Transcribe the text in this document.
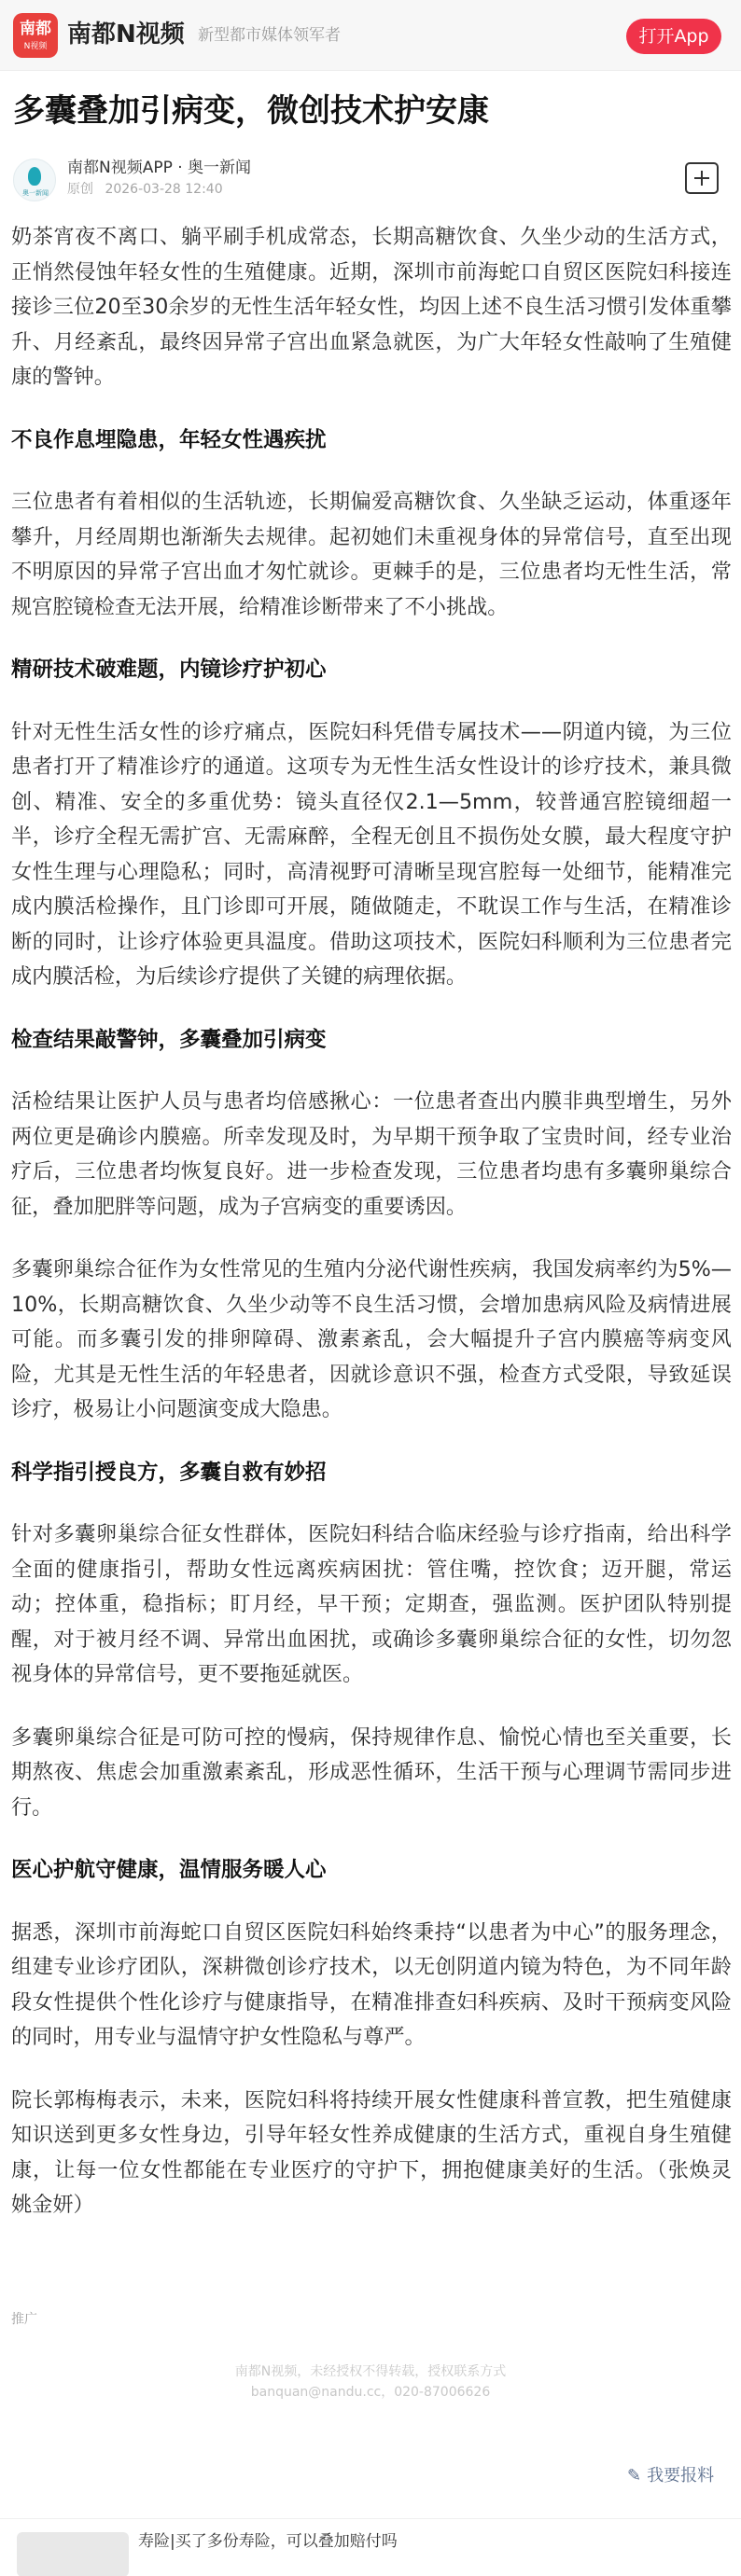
南都
N视频 南都N视频 新型都市媒体领军者	打开App
多囊叠加引病变，微创技术护安康
奥一新闻
南都N视频APP · 奥一新闻
原创 2026-03-28 12:40

奶茶宵夜不离口、躺平刷手机成常态，长期高糖饮食、久坐少动的生活方式，正悄然侵蚀年轻女性的生殖健康。近期，深圳市前海蛇口自贸区医院妇科接连接诊三位20至30余岁的无性生活年轻女性，均因上述不良生活习惯引发体重攀升、月经紊乱，最终因异常子宫出血紧急就医，为广大年轻女性敲响了生殖健康的警钟。

不良作息埋隐患，年轻女性遇疾扰

三位患者有着相似的生活轨迹，长期偏爱高糖饮食、久坐缺乏运动，体重逐年攀升，月经周期也渐渐失去规律。起初她们未重视身体的异常信号，直至出现不明原因的异常子宫出血才匆忙就诊。更棘手的是，三位患者均无性生活，常规宫腔镜检查无法开展，给精准诊断带来了不小挑战。

精研技术破难题，内镜诊疗护初心

针对无性生活女性的诊疗痛点，医院妇科凭借专属技术——阴道内镜，为三位患者打开了精准诊疗的通道。这项专为无性生活女性设计的诊疗技术，兼具微创、精准、安全的多重优势：镜头直径仅2.1—5mm，较普通宫腔镜细超一半，诊疗全程无需扩宫、无需麻醉，全程无创且不损伤处女膜，最大程度守护女性生理与心理隐私；同时，高清视野可清晰呈现宫腔每一处细节，能精准完成内膜活检操作，且门诊即可开展，随做随走，不耽误工作与生活，在精准诊断的同时，让诊疗体验更具温度。借助这项技术，医院妇科顺利为三位患者完成内膜活检，为后续诊疗提供了关键的病理依据。

检查结果敲警钟，多囊叠加引病变

活检结果让医护人员与患者均倍感揪心：一位患者查出内膜非典型增生，另外两位更是确诊内膜癌。所幸发现及时，为早期干预争取了宝贵时间，经专业治疗后，三位患者均恢复良好。进一步检查发现，三位患者均患有多囊卵巢综合征，叠加肥胖等问题，成为子宫病变的重要诱因。

多囊卵巢综合征作为女性常见的生殖内分泌代谢性疾病，我国发病率约为5%—10%，长期高糖饮食、久坐少动等不良生活习惯，会增加患病风险及病情进展可能。而多囊引发的排卵障碍、激素紊乱，会大幅提升子宫内膜癌等病变风险，尤其是无性生活的年轻患者，因就诊意识不强，检查方式受限，导致延误诊疗，极易让小问题演变成大隐患。

科学指引授良方，多囊自救有妙招

针对多囊卵巢综合征女性群体，医院妇科结合临床经验与诊疗指南，给出科学全面的健康指引，帮助女性远离疾病困扰：管住嘴，控饮食；迈开腿，常运动；控体重，稳指标；盯月经，早干预；定期查，强监测。医护团队特别提醒，对于被月经不调、异常出血困扰，或确诊多囊卵巢综合征的女性，切勿忽视身体的异常信号，更不要拖延就医。

多囊卵巢综合征是可防可控的慢病，保持规律作息、愉悦心情也至关重要，长期熬夜、焦虑会加重激素紊乱，形成恶性循环，生活干预与心理调节需同步进行。

医心护航守健康，温情服务暖人心

据悉，深圳市前海蛇口自贸区医院妇科始终秉持“以患者为中心”的服务理念，组建专业诊疗团队，深耕微创诊疗技术，以无创阴道内镜为特色，为不同年龄段女性提供个性化诊疗与健康指导，在精准排查妇科疾病、及时干预病变风险的同时，用专业与温情守护女性隐私与尊严。

院长郭梅梅表示，未来，医院妇科将持续开展女性健康科普宣教，把生殖健康知识送到更多女性身边，引导年轻女性养成健康的生活方式，重视自身生殖健康，让每一位女性都能在专业医疗的守护下，拥抱健康美好的生活。（张焕灵 姚金妍）

推广
南都N视频，未经授权不得转载，授权联系方式
banquan@nandu.cc，020-87006626
✎ 我要报料
寿险|买了多份寿险，可以叠加赔付吗
